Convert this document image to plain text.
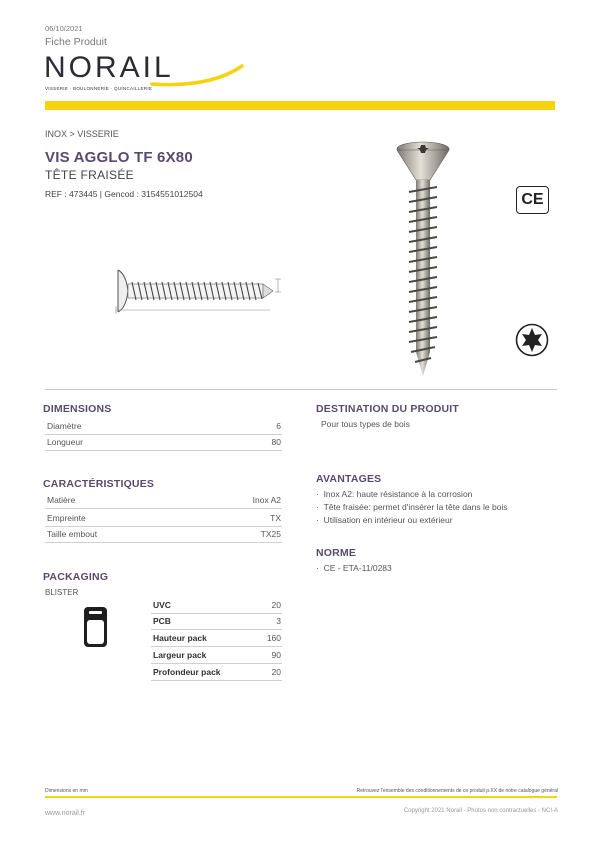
06/10/2021
Fiche Produit
NORAIL
VISSERIE · BOULONNERIE · QUINCAILLERIE
INOX > VISSERIE
VIS AGGLO TF 6X80
TÊTE FRAISÉE
REF : 473445 | Gencod : 3154551012504	CE
DIMENSIONS
Diamètre	6
Longueur	80
CARACTÉRISTIQUES
Matière	Inox A2
Empreinte	TX
Taille embout	TX25
PACKAGING
BLISTER
UVC	20
PCB	3
Hauteur pack	160
Largeur pack	90
Profondeur pack	20
DESTINATION DU PRODUIT
Pour tous types de bois
AVANTAGES
·  Inox A2: haute résistance à la corrosion
·  Tête fraisée: permet d'insérer la tête dans le bois
·  Utilisation en intérieur ou extérieur
NORME
·  CE - ETA-11/0283
Dimensions en mm	Retrouvez l'ensemble des conditionnements de ce produit p.XX de notre catalogue général
www.norail.fr	Copyright 2021 Norail - Photos non contractuelles - NCI-A
